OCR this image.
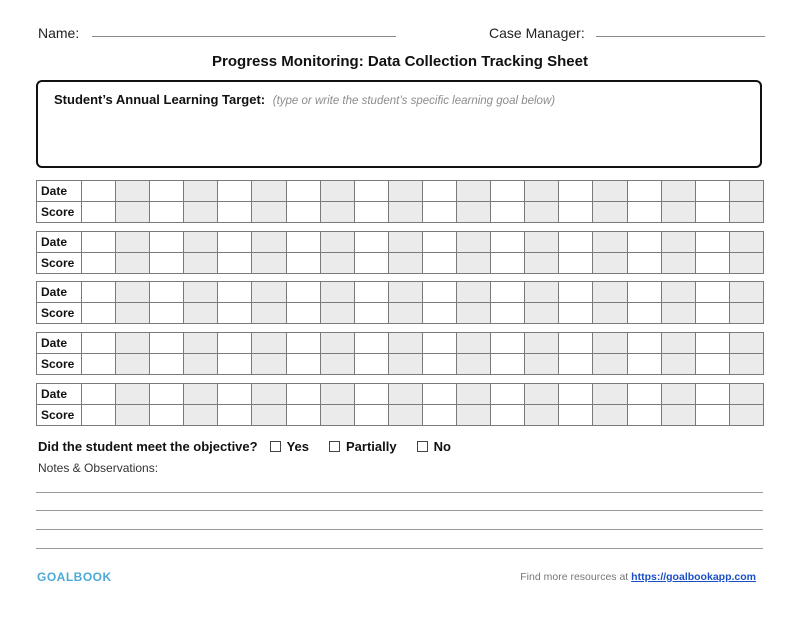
Name:	Case Manager:
Progress Monitoring: Data Collection Tracking Sheet
Student’s Annual Learning Target: (type or write the student’s specific learning goal below)
Date																				
Score																				
Date																				
Score																				
Date																				
Score																				
Date																				
Score																				
Date																				
Score																				
Did the student meet the objective? Yes	Partially	No
Notes & Observations:
GOALBOOK	Find more resources at https://goalbookapp.com
